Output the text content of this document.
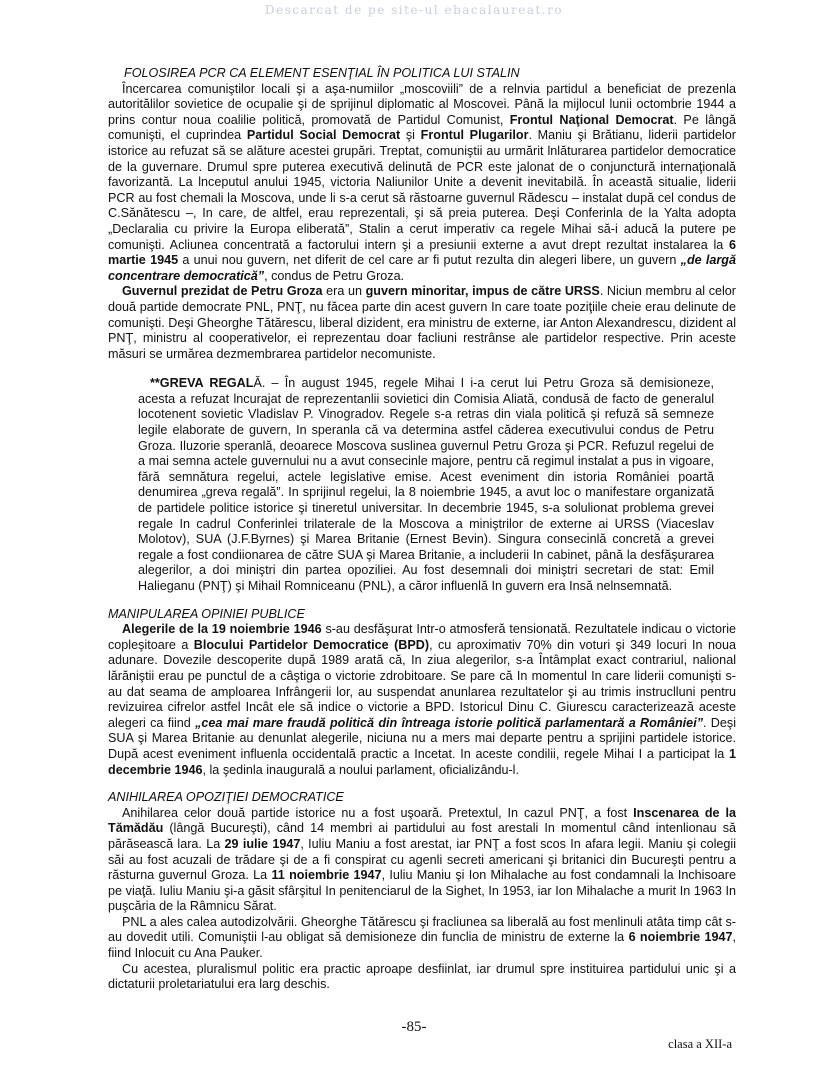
Descarcat de pe site-ul ebacalaureat.ro

FOLOSIREA PCR CA ELEMENT ESENŢIAL ÎN POLITICA LUI STALIN

Încercarea comuniştilor locali şi a aşa-numiilor „moscoviili” de a relnvia partidul a beneficiat de prezenla autoritălilor sovietice de ocupalie şi de sprijinul diplomatic al Moscovei. Până la mijlocul lunii octombrie 1944 a prins contur noua coalilie politică, promovată de Partidul Comunist, Frontul Naţional Democrat. Pe lângă comunişti, el cuprindea Partidul Social Democrat şi Frontul Plugarilor. Maniu şi Brătianu, liderii partidelor istorice au refuzat să se alăture acestei grupări. Treptat, comuniştii au urmărit lnlăturarea partidelor democratice de la guvernare. Drumul spre puterea executivă delinută de PCR este jalonat de o conjunctură internaţională favorizantă. La lnceputul anului 1945, victoria Naliunilor Unite a devenit inevitabilă. În această situalie, liderii PCR au fost chemali la Moscova, unde li s-a cerut să răstoarne guvernul Rădescu – instalat după cel condus de C.Sănătescu –, In care, de altfel, erau reprezentali, şi să preia puterea. Deşi Conferinla de la Yalta adopta „Declaralia cu privire la Europa eliberată”, Stalin a cerut imperativ ca regele Mihai să-i aducă la putere pe comunişti. Acliunea concentrată a factorului intern şi a presiunii externe a avut drept rezultat instalarea la 6 martie 1945 a unui nou guvern, net diferit de cel care ar fi putut rezulta din alegeri libere, un guvern „de largă concentrare democratică”, condus de Petru Groza.

Guvernul prezidat de Petru Groza era un guvern minoritar, impus de către URSS. Niciun membru al celor două partide democrate PNL, PNŢ, nu făcea parte din acest guvern In care toate poziţiile cheie erau delinute de comunişti. Deşi Gheorghe Tătărescu, liberal dizident, era ministru de externe, iar Anton Alexandrescu, dizident al PNŢ, ministru al cooperativelor, ei reprezentau doar facliuni restrânse ale partidelor respective. Prin aceste măsuri se urmărea dezmembrarea partidelor necomuniste.

**GREVA REGALĂ. – În august 1945, regele Mihai I i-a cerut lui Petru Groza să demisioneze, acesta a refuzat lncurajat de reprezentanlii sovietici din Comisia Aliată, condusă de facto de generalul locotenent sovietic Vladislav P. Vinogradov. Regele s-a retras din viala politică şi refuză să semneze legile elaborate de guvern, In speranla că va determina astfel căderea executivului condus de Petru Groza. Iluzorie speranlă, deoarece Moscova suslinea guvernul Petru Groza şi PCR. Refuzul regelui de a mai semna actele guvernului nu a avut consecinle majore, pentru că regimul instalat a pus in vigoare, fără semnătura regelui, actele legislative emise. Acest eveniment din istoria României poartă denumirea „greva regală”. In sprijinul regelui, la 8 noiembrie 1945, a avut loc o manifestare organizată de partidele politice istorice şi tineretul universitar. In decembrie 1945, s-a solulionat problema grevei regale In cadrul Conferinlei trilaterale de la Moscova a miniştrilor de externe ai URSS (Viaceslav Molotov), SUA (J.F.Byrnes) şi Marea Britanie (Ernest Bevin). Singura consecinlă concretă a grevei regale a fost condiionarea de către SUA şi Marea Britanie, a includerii In cabinet, până la desfăşurarea alegerilor, a doi miniştri din partea opoziliei. Au fost desemnali doi miniştri secretari de stat: Emil Haliеganu (PNŢ) şi Mihail Romniceanu (PNL), a căror influenlă In guvern era Insă nelnsemnată.

MANIPULAREA OPINIEI PUBLICE

Alegerile de la 19 noiembrie 1946 s-au desfăşurat Intr-o atmosferă tensionată. Rezultatele indicau o victorie copleşitoare a Blocului Partidelor Democratice (BPD), cu aproximativ 70% din voturi şi 349 locuri In noua adunare. Dovezile descoperite după 1989 arată că, In ziua alegerilor, s-a Întâmplat exact contrariul, nalional lărăniştii erau pe punctul de a câştiga o victorie zdrobitoare. Se pare că In momentul In care liderii comunişti s-au dat seama de amploarea Infrângerii lor, au suspendat anunlarea rezultatelor şi au trimis instruclluni pentru revizuirea cifrelor astfel Incât ele să indice o victorie a BPD. Istoricul Dinu C. Giurescu caracterizează aceste alegeri ca fiind „cea mai mare fraudă politică din întreaga istorie politică parlamentară a României”. Deşi SUA şi Marea Britanie au denunlat alegerile, niciuna nu a mers mai departe pentru a sprijini partidele istorice. După acest eveniment influenla occidentală practic a Incetat. In aceste condilii, regele Mihai I a participat la 1 decembrie 1946, la şedinla inaugurală a noului parlament, oficializându-l.

ANIHILAREA OPOZIŢIEI DEMOCRATICE

Anihilarea celor două partide istorice nu a fost uşoară. Pretextul, In cazul PNŢ, a fost Inscenarea de la Tămădău (lângă Bucureşti), când 14 membri ai partidului au fost arestali In momentul când intenlionau să părăsească lara. La 29 iulie 1947, Iuliu Maniu a fost arestat, iar PNŢ a fost scos In afara legii. Maniu şi colegii săi au fost acuzali de trădare şi de a fi conspirat cu agenli secreti americani şi britanici din Bucureşti pentru a răsturna guvernul Groza. La 11 noiembrie 1947, Iuliu Maniu şi Ion Mihalache au fost condamnali la Inchisoare pe viaţă. Iuliu Maniu şi-a găsit sfârşitul In penitenciarul de la Sighet, In 1953, iar Ion Mihalache a murit In 1963 In puşcăria de la Râmnicu Sărat.

PNL a ales calea autodizolvării. Gheorghe Tătărescu şi fracliunea sa liberală au fost menlinuli atâta timp cât s-au dovedit utili. Comuniştii l-au obligat să demisioneze din funclia de ministru de externe la 6 noiembrie 1947, fiind Inlocuit cu Ana Pauker.

Cu acestea, pluralismul politic era practic aproape desfiinlat, iar drumul spre instituirea partidului unic şi a dictaturii proletariatului era larg deschis.

-85-
clasa a XII-a
